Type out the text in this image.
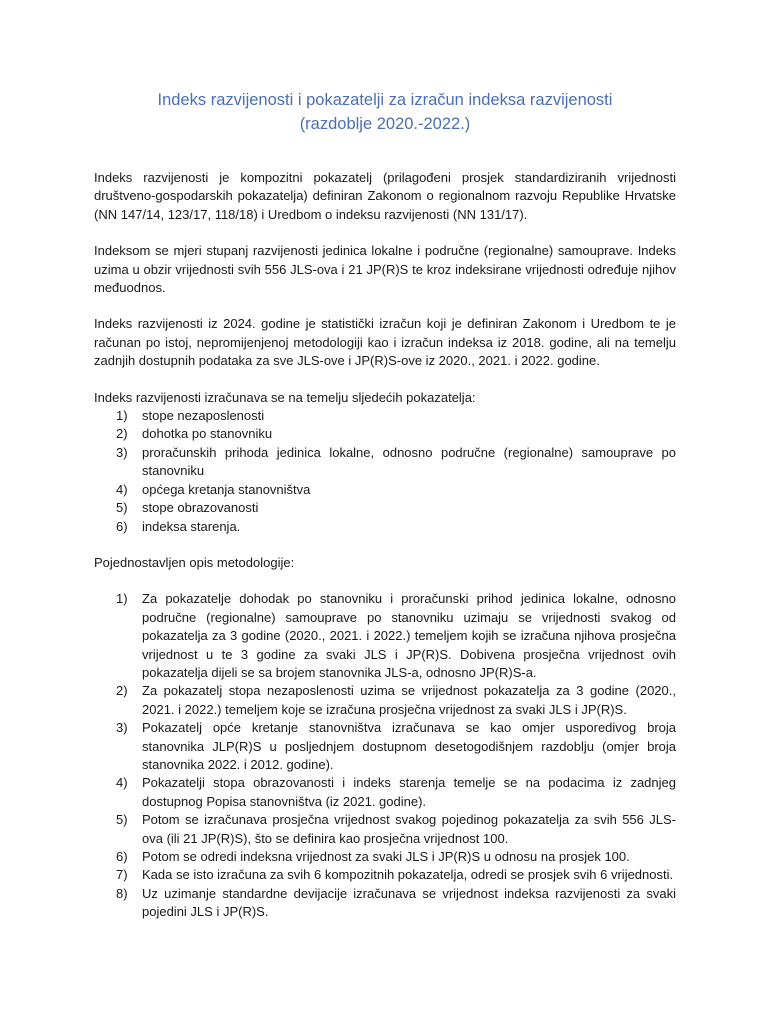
Indeks razvijenosti i pokazatelji za izračun indeksa razvijenosti
(razdoblje 2020.-2022.)

Indeks razvijenosti je kompozitni pokazatelj (prilagođeni prosjek standardiziranih vrijednosti društveno-gospodarskih pokazatelja) definiran Zakonom o regionalnom razvoju Republike Hrvatske (NN 147/14, 123/17, 118/18) i Uredbom o indeksu razvijenosti (NN 131/17).

Indeksom se mjeri stupanj razvijenosti jedinica lokalne i područne (regionalne) samouprave. Indeks uzima u obzir vrijednosti svih 556 JLS-ova i 21 JP(R)S te kroz indeksirane vrijednosti određuje njihov međuodnos.

Indeks razvijenosti iz 2024. godine je statistički izračun koji je definiran Zakonom i Uredbom te je računan po istoj, nepromijenjenoj metodologiji kao i izračun indeksa iz 2018. godine, ali na temelju zadnjih dostupnih podataka za sve JLS-ove i JP(R)S-ove iz 2020., 2021. i 2022. godine.

Indeks razvijenosti izračunava se na temelju sljedećih pokazatelja:

1)	stope nezaposlenosti
2)	dohotka po stanovniku
3)	proračunskih prihoda jedinica lokalne, odnosno područne (regionalne) samouprave po stanovniku
4)	općega kretanja stanovništva
5)	stope obrazovanosti
6)	indeksa starenja.

Pojednostavljen opis metodologije:

1)	Za pokazatelje dohodak po stanovniku i proračunski prihod jedinica lokalne, odnosno područne (regionalne) samouprave po stanovniku uzimaju se vrijednosti svakog od pokazatelja za 3 godine (2020., 2021. i 2022.) temeljem kojih se izračuna njihova prosječna vrijednost u te 3 godine za svaki JLS i JP(R)S. Dobivena prosječna vrijednost ovih pokazatelja dijeli se sa brojem stanovnika JLS-a, odnosno JP(R)S-a.
2)	Za pokazatelj stopa nezaposlenosti uzima se vrijednost pokazatelja za 3 godine (2020., 2021. i 2022.) temeljem koje se izračuna prosječna vrijednost za svaki JLS i JP(R)S.
3)	Pokazatelj opće kretanje stanovništva izračunava se kao omjer usporedivog broja stanovnika JLP(R)S u posljednjem dostupnom desetogodišnjem razdoblju (omjer broja stanovnika 2022. i 2012. godine).
4)	Pokazatelji stopa obrazovanosti i indeks starenja temelje se na podacima iz zadnjeg dostupnog Popisa stanovništva (iz 2021. godine).
5)	Potom se izračunava prosječna vrijednost svakog pojedinog pokazatelja za svih 556 JLS-ova (ili 21 JP(R)S), što se definira kao prosječna vrijednost 100.
6)	Potom se odredi indeksna vrijednost za svaki JLS i JP(R)S u odnosu na prosjek 100.
7)	Kada se isto izračuna za svih 6 kompozitnih pokazatelja, odredi se prosjek svih 6 vrijednosti.
8)	Uz uzimanje standardne devijacije izračunava se vrijednost indeksa razvijenosti za svaki pojedini JLS i JP(R)S.
